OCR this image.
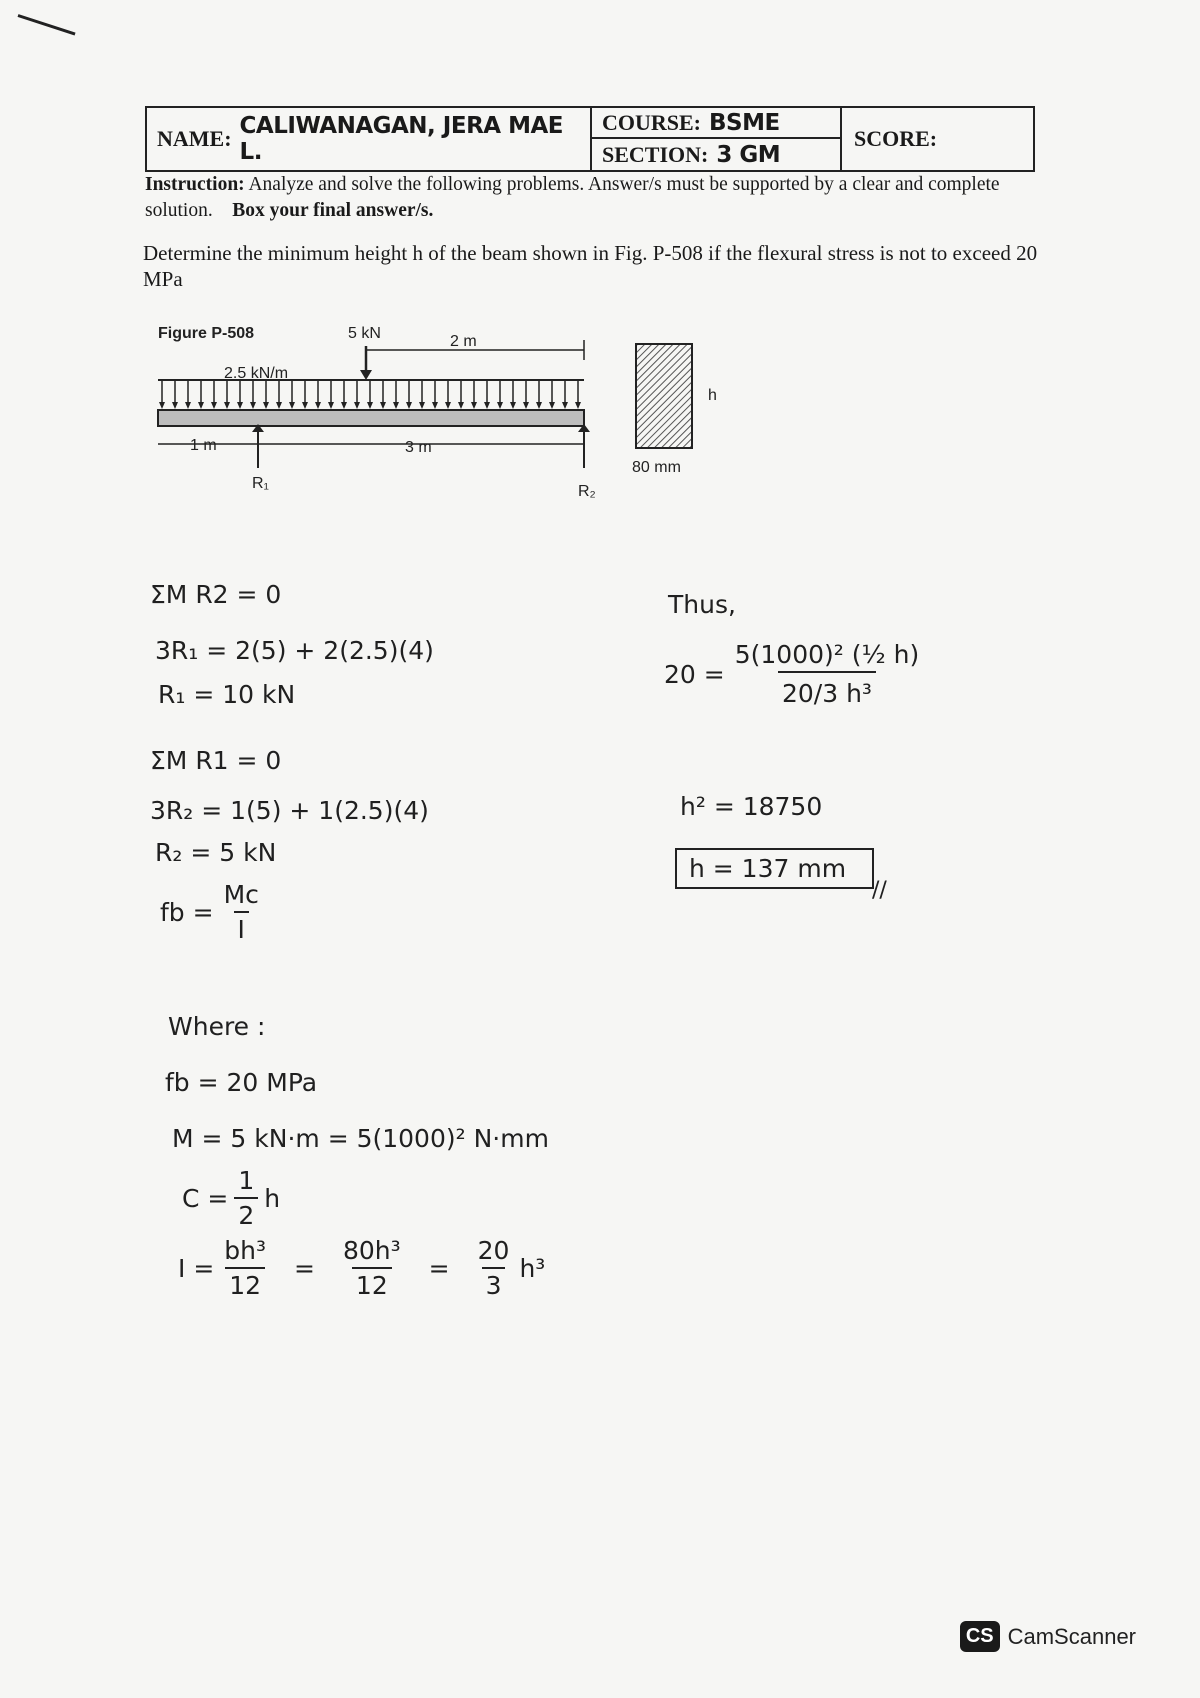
NAME: CALIWANAGAN, JERA MAE L.
COURSE: BSME
SECTION: 3 GM
SCORE:
Instruction: Analyze and solve the following problems. Answer/s must be supported by a clear and complete solution. Box your final answer/s.
Determine the minimum height h of the beam shown in Fig. P-508 if the flexural stress is not to exceed 20 MPa
Figure P-508	5 kN
2.5 kN/m
2 m
1 m	3 m
R₁	R₂
h
80 mm
ΣM R2 = 0
3R₁ = 2(5) + 2(2.5)(4)
R₁ = 10 kN
ΣM R1 = 0
3R₂ = 1(5) + 1(2.5)(4)
R₂ = 5 kN
fb = $\frac{Mc}{I}$
Where :
fb = 20 MPa
M = 5 kN·m = 5(1000)² N·mm
$C = \frac{1}{2}$ h
$I = \frac{\text{bh³}}{12} = \frac{\text{80h³}}{12} = \frac{20}{3} h^3$
Thus,
$20 = \frac{\text{5(1000)² (½ h)}}{\text{20/3 h³}}$
h² = 18750
h = 137 mm
//
CS CamScanner
